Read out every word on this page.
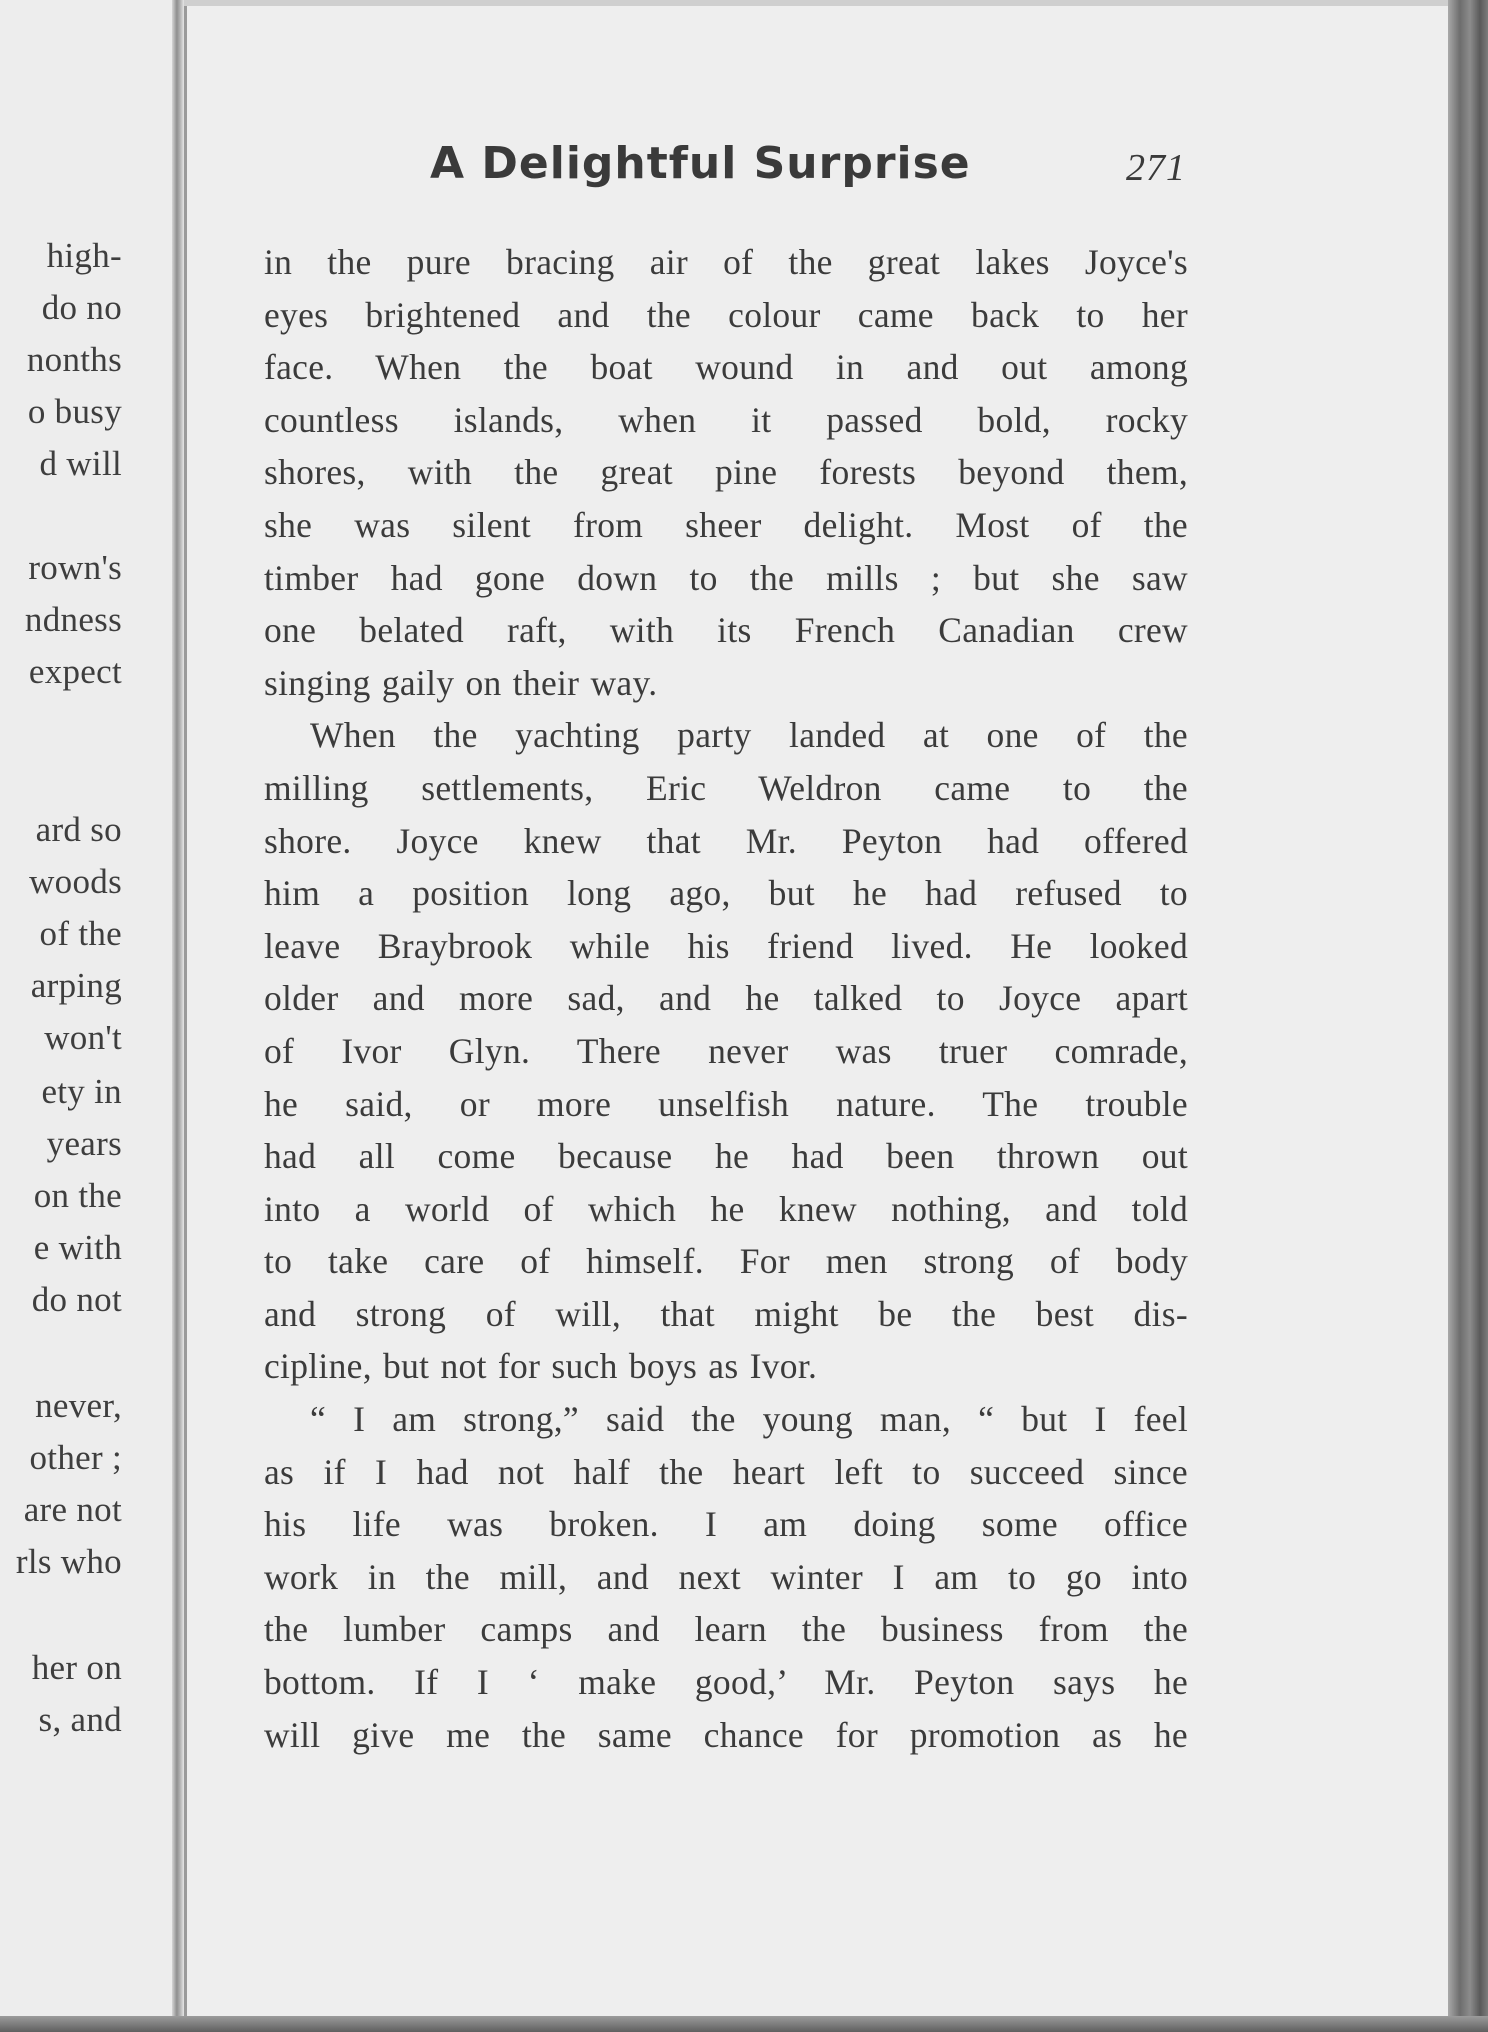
high-
do no
nonths
o busy
d will
rown's
ndness
expect
ard so
woods
of the
arping
won't
ety in
years
on the
e with
do not
never,
other ;
are not
rls who
her on
s, and
A Delightful Surprise	271
in the pure bracing air of the great lakes Joyce's
eyes brightened and the colour came back to her
face. When the boat wound in and out among
countless islands, when it passed bold, rocky
shores, with the great pine forests beyond them,
she was silent from sheer delight. Most of the
timber had gone down to the mills ; but she saw
one belated raft, with its French Canadian crew
singing gaily on their way.
When the yachting party landed at one of the
milling settlements, Eric Weldron came to the
shore. Joyce knew that Mr. Peyton had offered
him a position long ago, but he had refused to
leave Braybrook while his friend lived. He looked
older and more sad, and he talked to Joyce apart
of Ivor Glyn. There never was truer comrade,
he said, or more unselfish nature. The trouble
had all come because he had been thrown out
into a world of which he knew nothing, and told
to take care of himself. For men strong of body
and strong of will, that might be the best dis-
cipline, but not for such boys as Ivor.
“ I am strong,” said the young man, “ but I feel
as if I had not half the heart left to succeed since
his life was broken. I am doing some office
work in the mill, and next winter I am to go into
the lumber camps and learn the business from the
bottom. If I ‘ make good,’ Mr. Peyton says he
will give me the same chance for promotion as he
